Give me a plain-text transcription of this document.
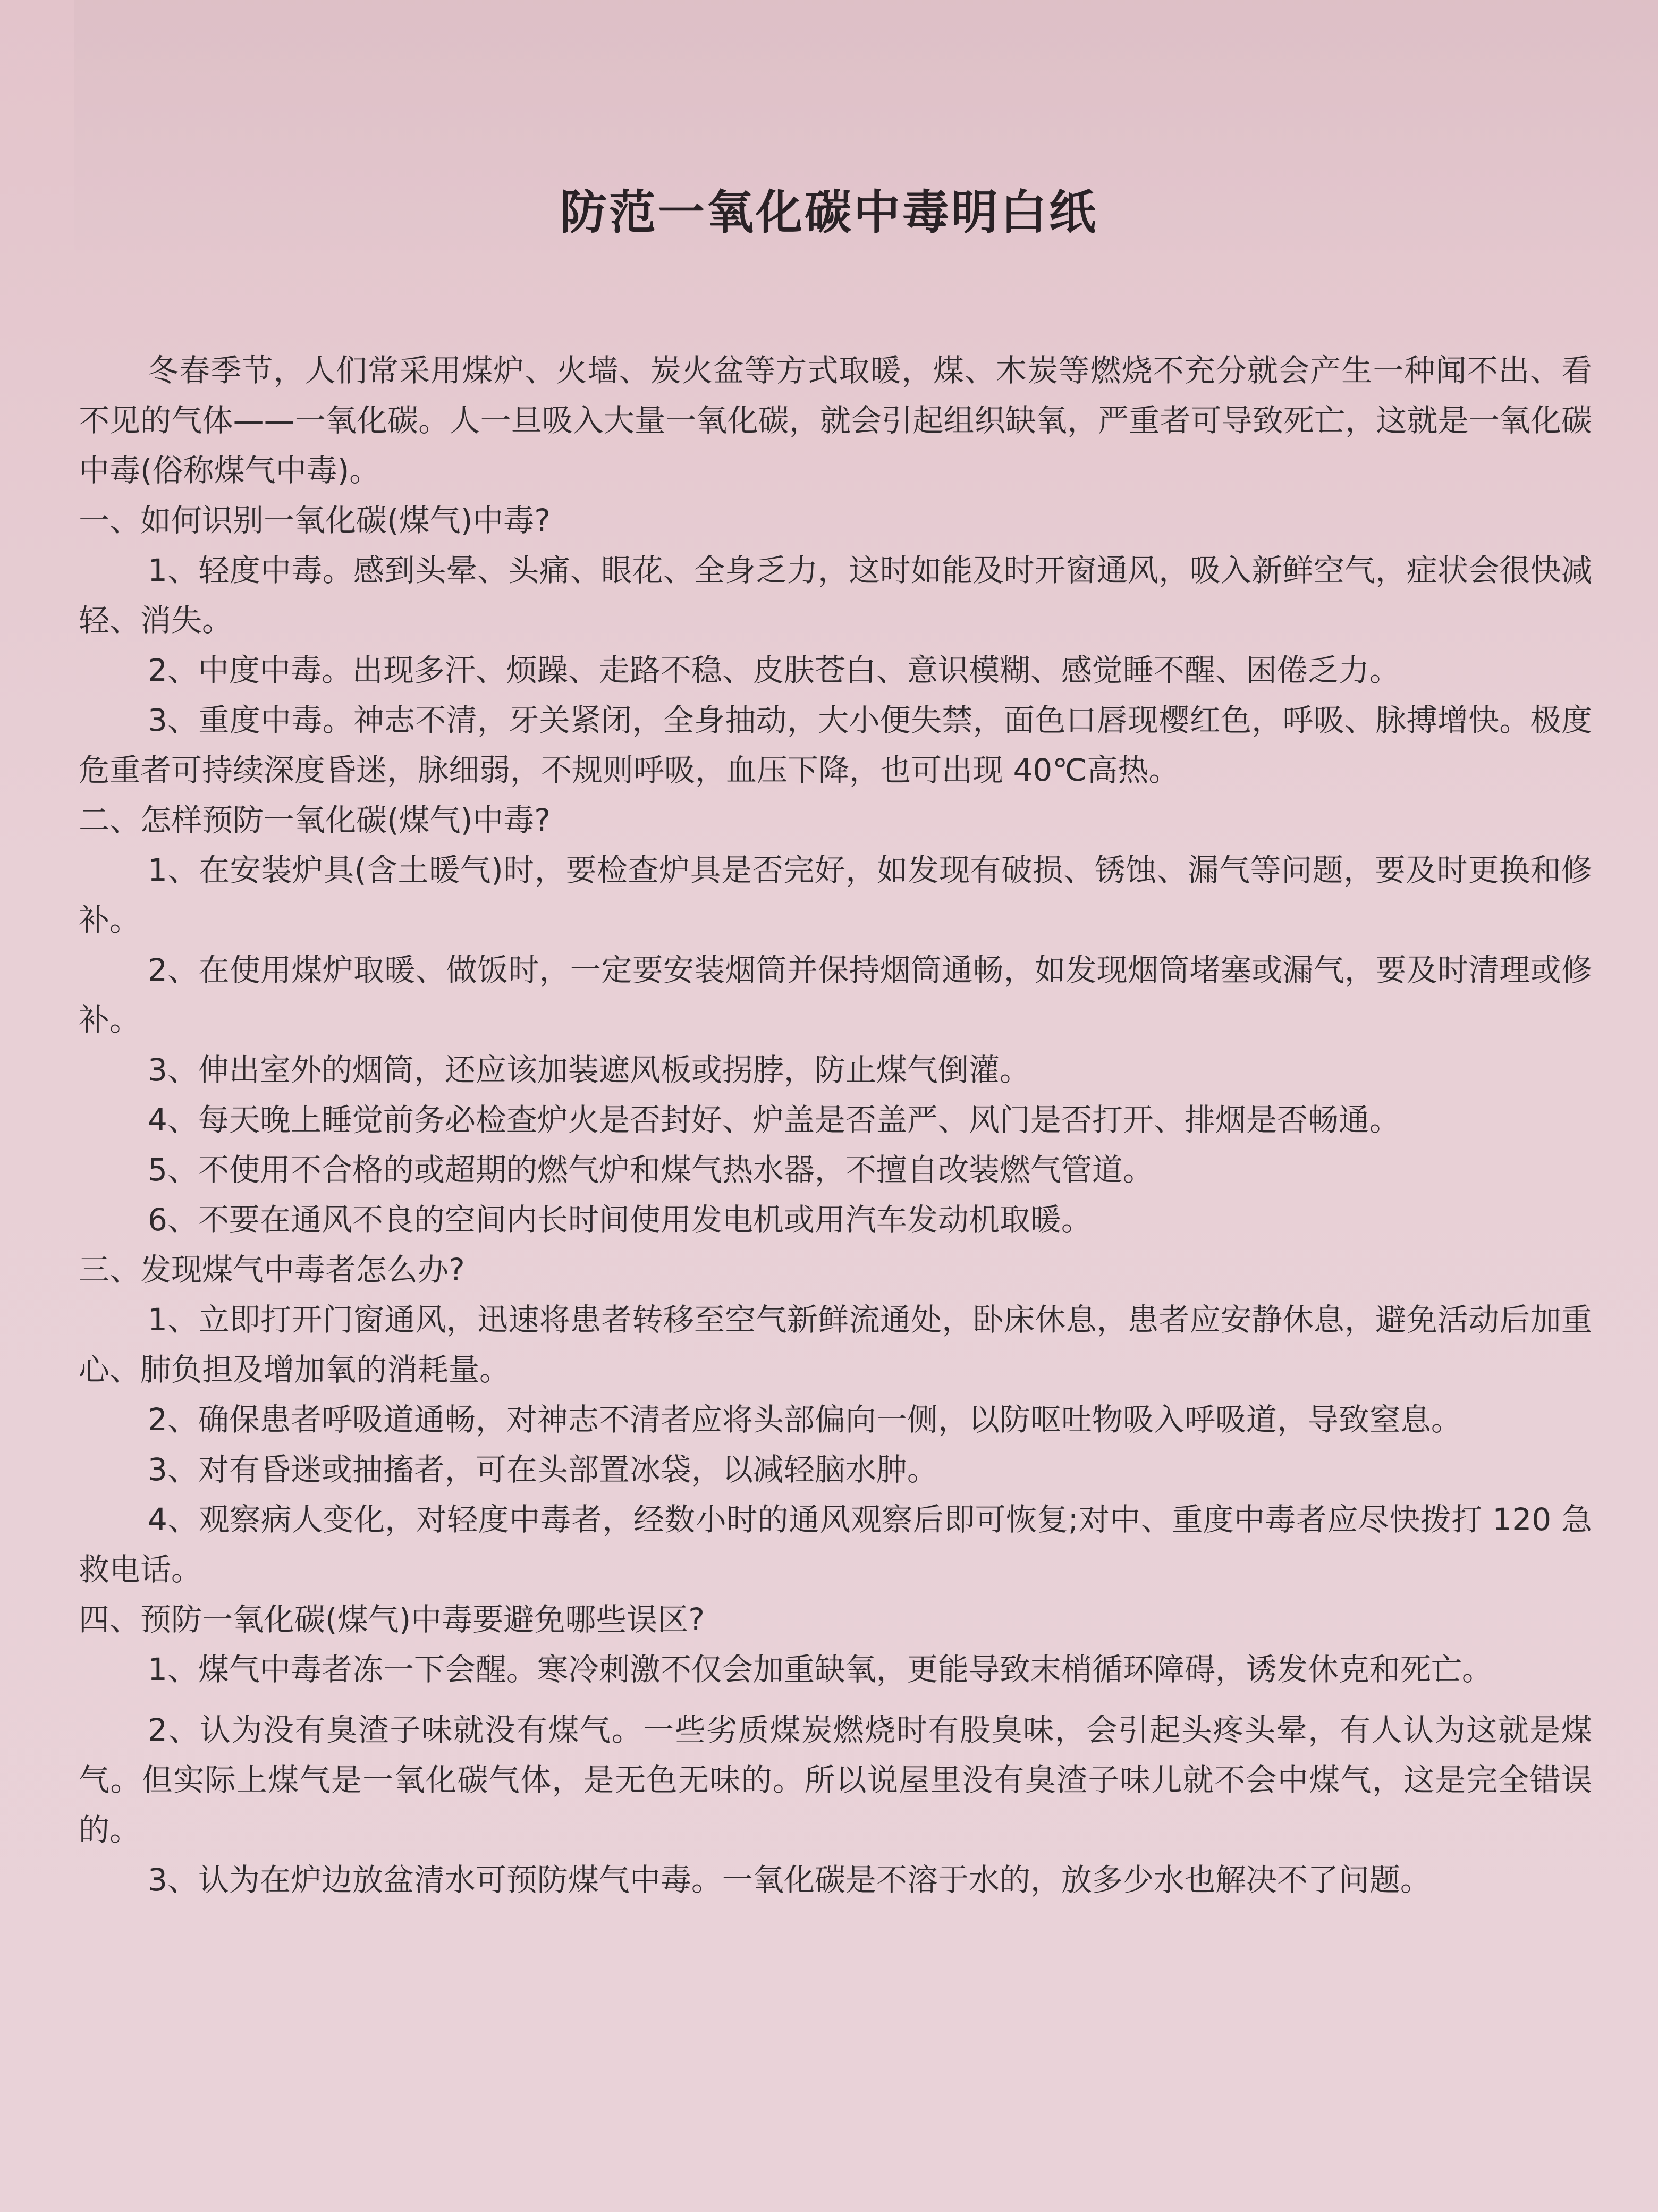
防范一氧化碳中毒明白纸

冬春季节，人们常采用煤炉、火墙、炭火盆等方式取暖，煤、木炭等燃烧不充分就会产生一种闻不出、看不见的气体——一氧化碳。人一旦吸入大量一氧化碳，就会引起组织缺氧，严重者可导致死亡，这就是一氧化碳中毒(俗称煤气中毒)。

一、如何识别一氧化碳(煤气)中毒?

1、轻度中毒。感到头晕、头痛、眼花、全身乏力，这时如能及时开窗通风，吸入新鲜空气，症状会很快减轻、消失。

2、中度中毒。出现多汗、烦躁、走路不稳、皮肤苍白、意识模糊、感觉睡不醒、困倦乏力。

3、重度中毒。神志不清，牙关紧闭，全身抽动，大小便失禁，面色口唇现樱红色，呼吸、脉搏增快。极度危重者可持续深度昏迷，脉细弱，不规则呼吸，血压下降，也可出现 40℃高热。

二、怎样预防一氧化碳(煤气)中毒?

1、在安装炉具(含土暖气)时，要检查炉具是否完好，如发现有破损、锈蚀、漏气等问题，要及时更换和修补。

2、在使用煤炉取暖、做饭时，一定要安装烟筒并保持烟筒通畅，如发现烟筒堵塞或漏气，要及时清理或修补。

3、伸出室外的烟筒，还应该加装遮风板或拐脖，防止煤气倒灌。

4、每天晚上睡觉前务必检查炉火是否封好、炉盖是否盖严、风门是否打开、排烟是否畅通。

5、不使用不合格的或超期的燃气炉和煤气热水器，不擅自改装燃气管道。

6、不要在通风不良的空间内长时间使用发电机或用汽车发动机取暖。

三、发现煤气中毒者怎么办?

1、立即打开门窗通风，迅速将患者转移至空气新鲜流通处，卧床休息，患者应安静休息，避免活动后加重心、肺负担及增加氧的消耗量。

2、确保患者呼吸道通畅，对神志不清者应将头部偏向一侧，以防呕吐物吸入呼吸道，导致窒息。

3、对有昏迷或抽搐者，可在头部置冰袋，以减轻脑水肿。

4、观察病人变化，对轻度中毒者，经数小时的通风观察后即可恢复;对中、重度中毒者应尽快拨打 120 急救电话。

四、预防一氧化碳(煤气)中毒要避免哪些误区?

1、煤气中毒者冻一下会醒。寒冷刺激不仅会加重缺氧，更能导致末梢循环障碍，诱发休克和死亡。

2、认为没有臭渣子味就没有煤气。一些劣质煤炭燃烧时有股臭味，会引起头疼头晕，有人认为这就是煤气。但实际上煤气是一氧化碳气体，是无色无味的。所以说屋里没有臭渣子味儿就不会中煤气，这是完全错误的。

3、认为在炉边放盆清水可预防煤气中毒。一氧化碳是不溶于水的，放多少水也解决不了问题。
